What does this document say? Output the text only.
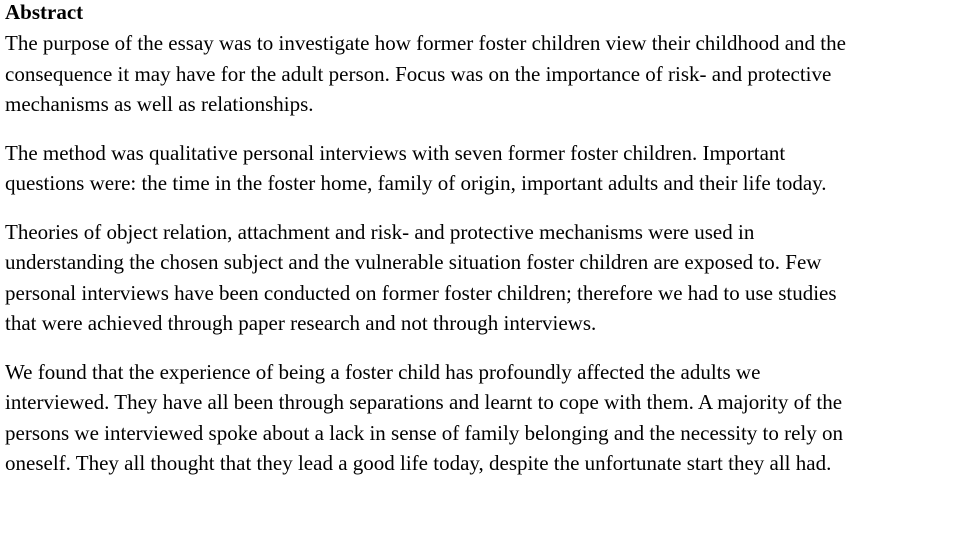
Abstract

The purpose of the essay was to investigate how former foster children view their childhood and the
consequence it may have for the adult person. Focus was on the importance of risk- and protective
mechanisms as well as relationships.

The method was qualitative personal interviews with seven former foster children. Important
questions were: the time in the foster home, family of origin, important adults and their life today.

Theories of object relation, attachment and risk- and protective mechanisms were used in
understanding the chosen subject and the vulnerable situation foster children are exposed to. Few
personal interviews have been conducted on former foster children; therefore we had to use studies
that were achieved through paper research and not through interviews.

We found that the experience of being a foster child has profoundly affected the adults we
interviewed. They have all been through separations and learnt to cope with them. A majority of the
persons we interviewed spoke about a lack in sense of family belonging and the necessity to rely on
oneself. They all thought that they lead a good life today, despite the unfortunate start they all had.
